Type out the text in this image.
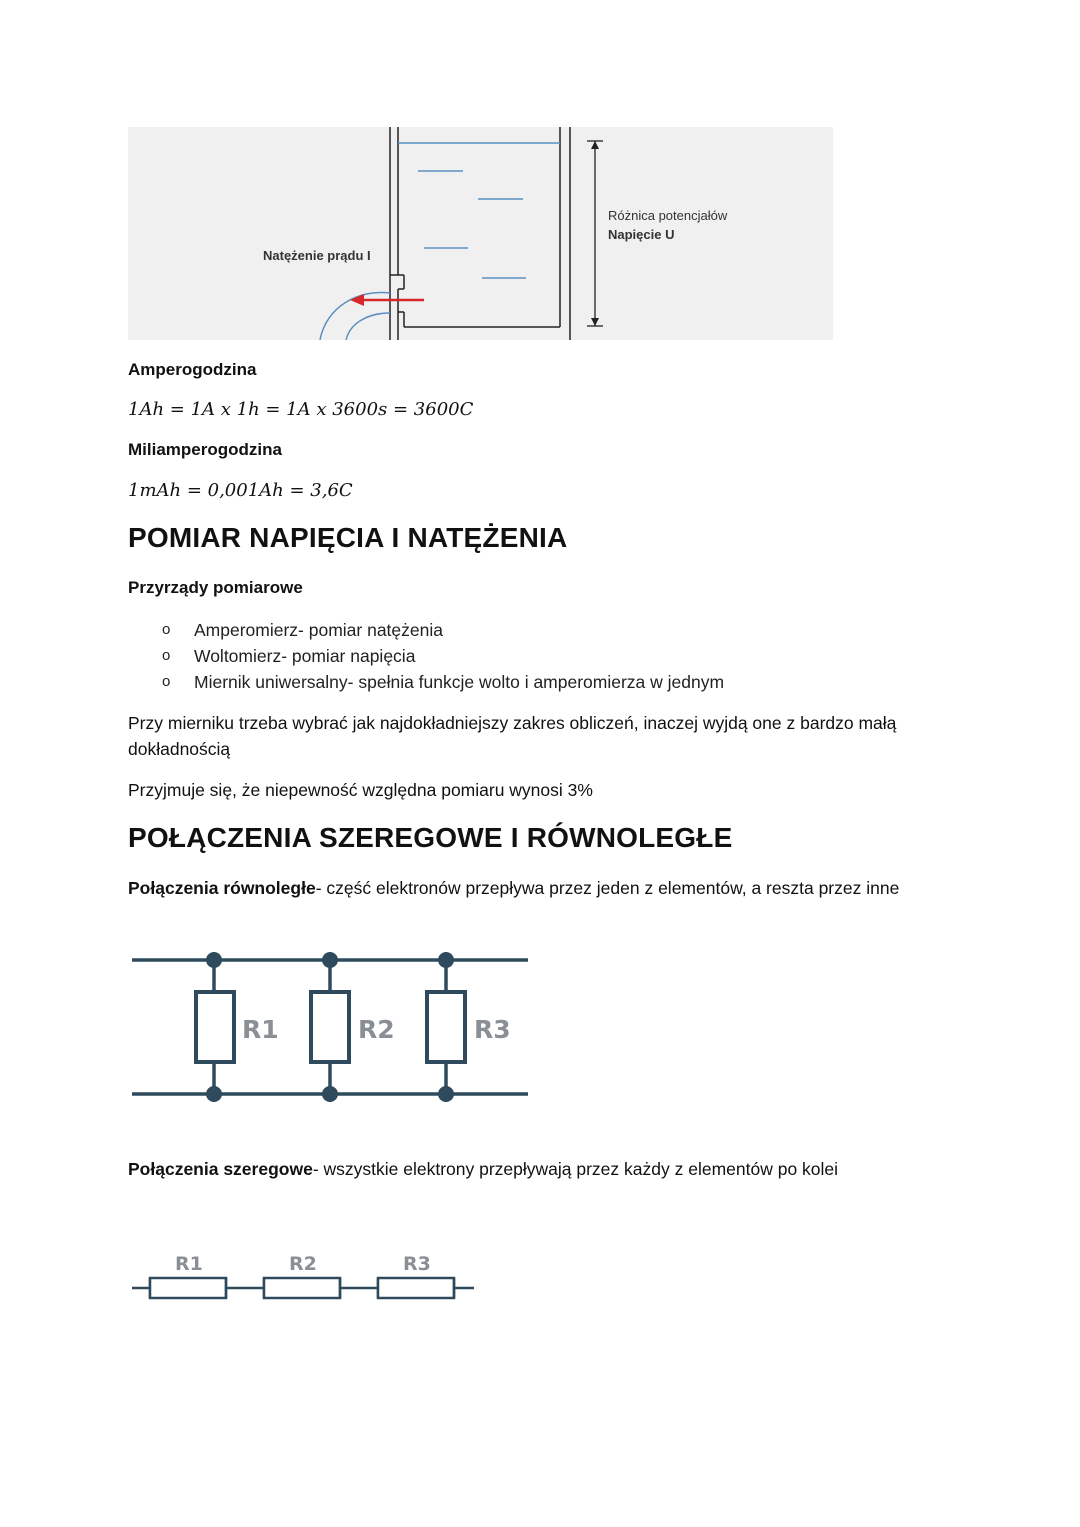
Natężenie prądu I
Różnica potencjałów
Napięcie U
Amperogodzina
1Ah = 1A x 1h = 1A x 3600s = 3600C
Miliamperogodzina
1mAh = 0,001Ah = 3,6C
POMIAR NAPIĘCIA I NATĘŻENIA
Przyrządy pomiarowe
o Amperomierz- pomiar natężenia
o Woltomierz- pomiar napięcia
o Miernik uniwersalny- spełnia funkcje wolto i amperomierza w jednym
Przy mierniku trzeba wybrać jak najdokładniejszy zakres obliczeń, inaczej wyjdą one z bardzo małą dokładnością
Przyjmuje się, że niepewność względna pomiaru wynosi 3%
POŁĄCZENIA SZEREGOWE I RÓWNOLEGŁE
Połączenia równoległe- część elektronów przepływa przez jeden z elementów, a reszta przez inne
R1	R2	R3
Połączenia szeregowe- wszystkie elektrony przepływają przez każdy z elementów po kolei
R1	R2	R3
